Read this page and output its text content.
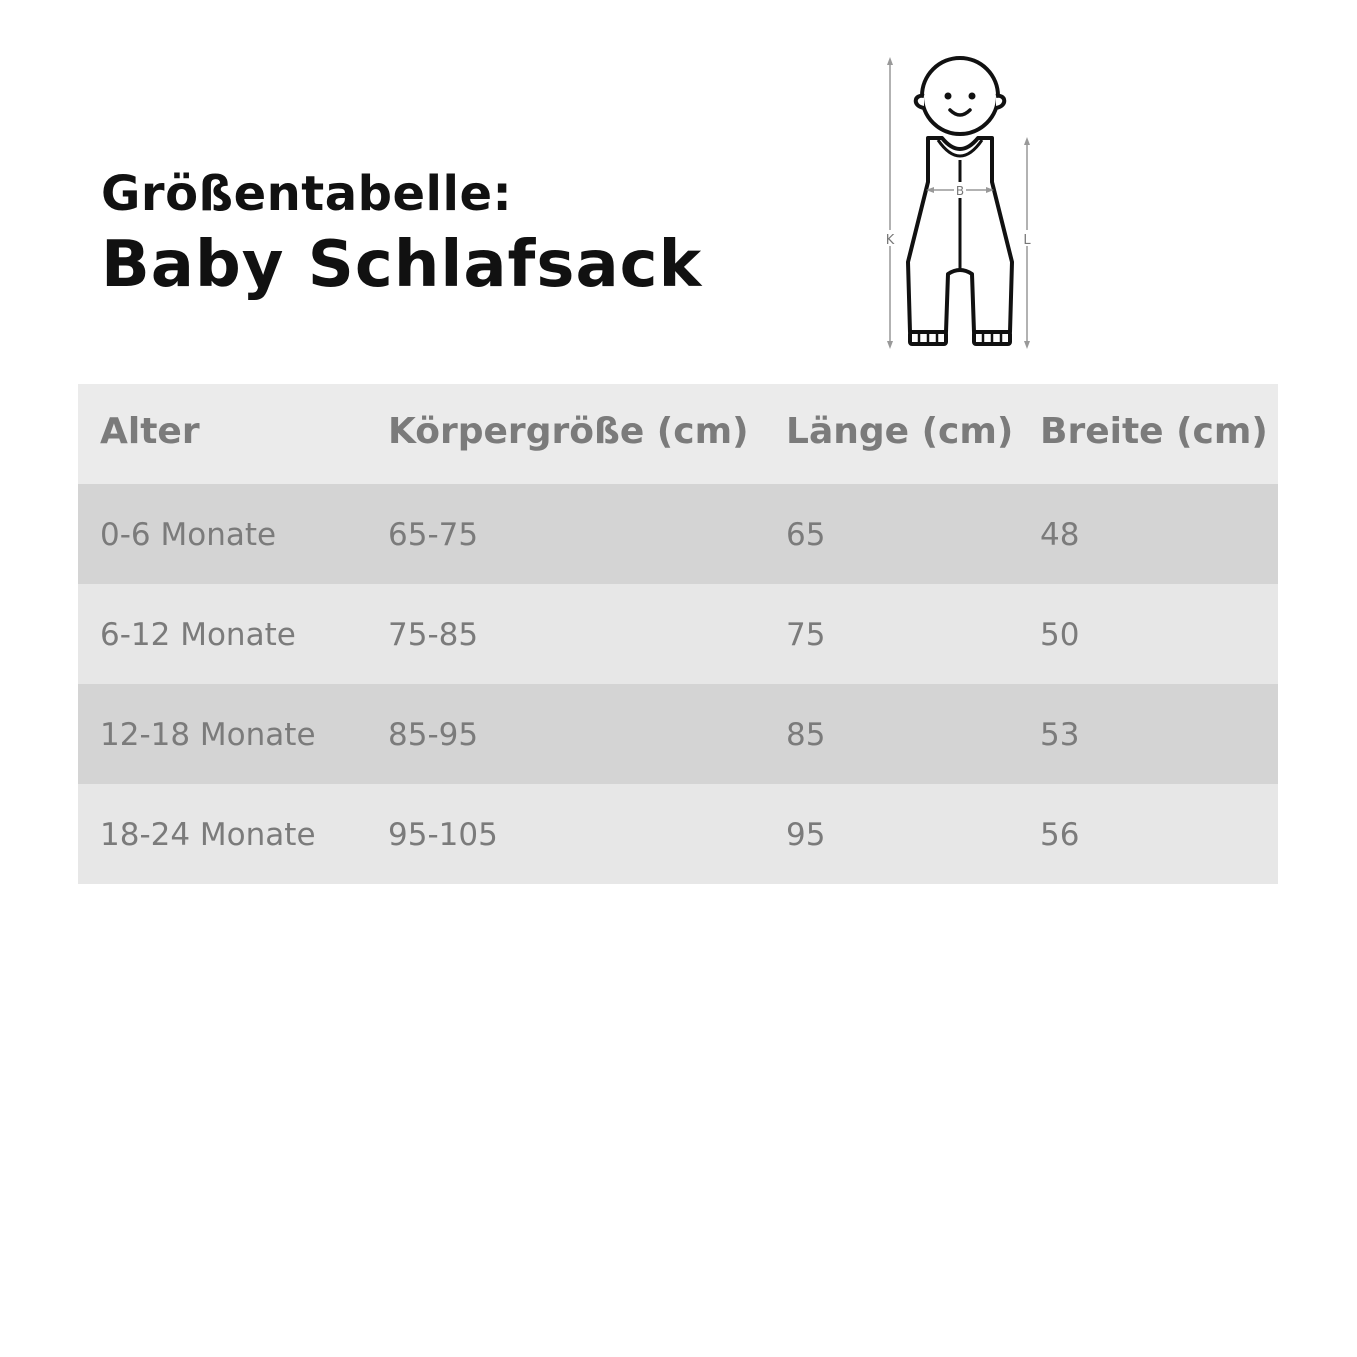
Größentabelle:
Baby Schlafsack	K	L
B
Alter	Körpergröße (cm) Länge (cm) Breite (cm)
0-6 Monate	65-75	65	48
6-12 Monate	75-85	75	50
12-18 Monate 85-95	85	53
18-24 Monate 95-105	95	56
